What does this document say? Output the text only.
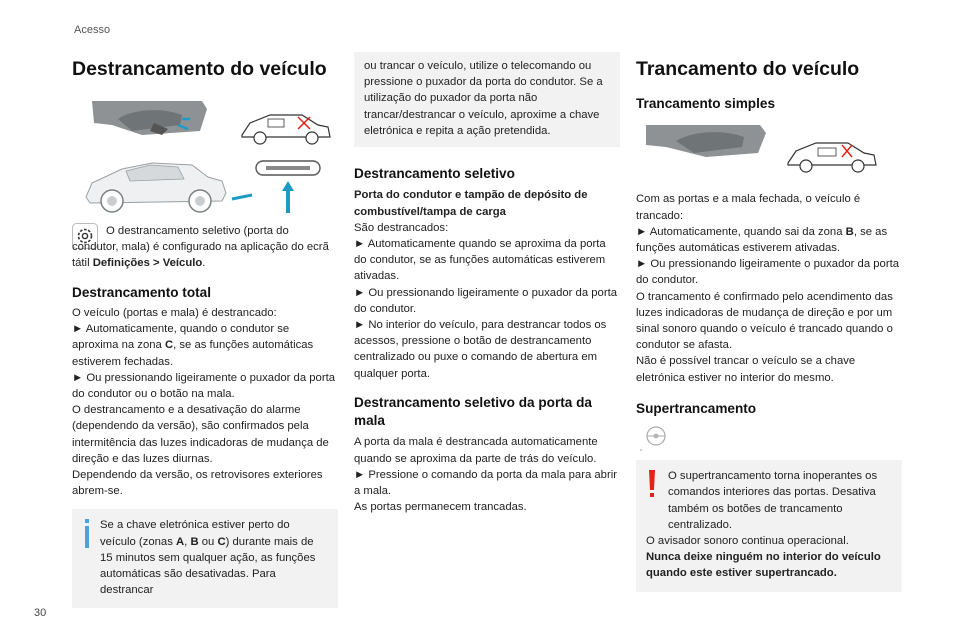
Acesso
30
Destrancamento do veículo

O destrancamento seletivo (porta do condutor, mala) é configurado na aplicação do ecrã tátil Definições > Veículo.

Destrancamento total

O veículo (portas e mala) é destrancado:

► Automaticamente, quando o condutor se aproxima na zona C, se as funções automáticas estiverem fechadas.

► Ou pressionando ligeiramente o puxador da porta do condutor ou o botão na mala.

O destrancamento e a desativação do alarme (dependendo da versão), são confirmados pela intermitência das luzes indicadoras de mudança de direção e das luzes diurnas.

Dependendo da versão, os retrovisores exteriores abrem-se.

Se a chave eletrónica estiver perto do veículo (zonas A, B ou C) durante mais de 15 minutos sem qualquer ação, as funções automáticas são desativadas. Para destrancar

ou trancar o veículo, utilize o telecomando ou pressione o puxador da porta do condutor. Se a utilização do puxador da porta não trancar/destrancar o veículo, aproxime a chave eletrónica e repita a ação pretendida.

Destrancamento seletivo

Porta do condutor e tampão de depósito de combustível/tampa de carga

São destrancados:

► Automaticamente quando se aproxima da porta do condutor, se as funções automáticas estiverem ativadas.

► Ou pressionando ligeiramente o puxador da porta do condutor.

► No interior do veículo, para destrancar todos os acessos, pressione o botão de destrancamento centralizado ou puxe o comando de abertura em qualquer porta.

Destrancamento seletivo da porta da mala

A porta da mala é destrancada automaticamente quando se aproxima da parte de trás do veículo.

► Pressione o comando da porta da mala para abrir a mala.

As portas permanecem trancadas.

Trancamento do veículo
Trancamento simples

Com as portas e a mala fechada, o veículo é trancado:

► Automaticamente, quando sai da zona B, se as funções automáticas estiverem ativadas.

► Ou pressionando ligeiramente o puxador da porta do condutor.

O trancamento é confirmado pelo acendimento das luzes indicadoras de mudança de direção e por um sinal sonoro quando o veículo é trancado quando o condutor se afasta.

Não é possível trancar o veículo se a chave eletrónica estiver no interior do mesmo.

Supertrancamento

O supertrancamento torna inoperantes os comandos interiores das portas. Desativa também os botões de trancamento centralizado.

O avisador sonoro continua operacional.

Nunca deixe ninguém no interior do veículo quando este estiver supertrancado.
